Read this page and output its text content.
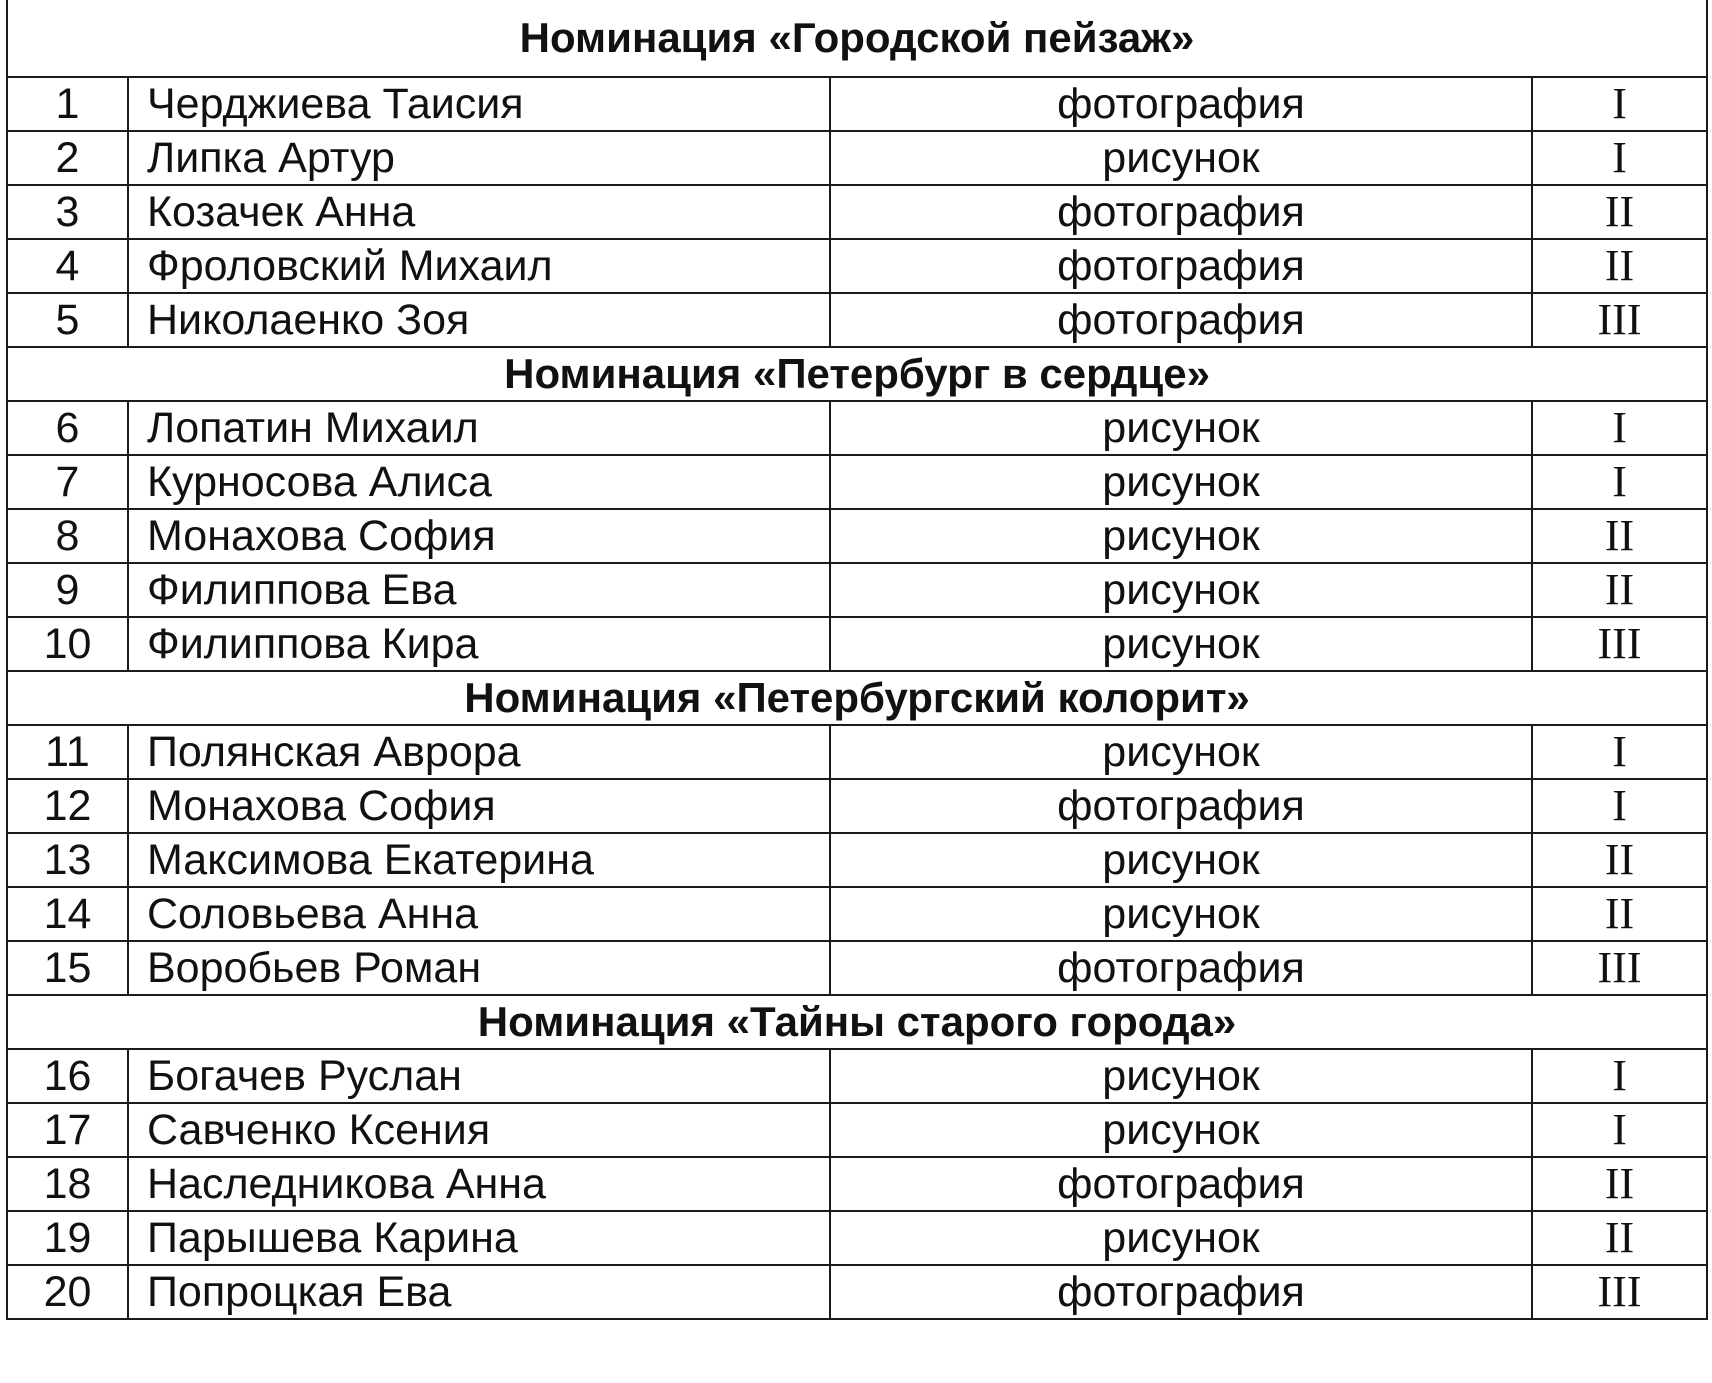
Номинация «Городской пейзаж»			
1	Черджиева Таисия	фотография	I
2	Липка Артур	рисунок	I
3	Козачек Анна	фотография	II
4	Фроловский Михаил	фотография	II
5	Николаенко Зоя	фотография	III
Номинация «Петербург в сердце»			
6	Лопатин Михаил	рисунок	I
7	Курносова Алиса	рисунок	I
8	Монахова София	рисунок	II
9	Филиппова Ева	рисунок	II
10	Филиппова Кира	рисунок	III
Номинация «Петербургский колорит»			
11	Полянская Аврора	рисунок	I
12	Монахова София	фотография	I
13	Максимова Екатерина	рисунок	II
14	Соловьева Анна	рисунок	II
15	Воробьев Роман	фотография	III
Номинация «Тайны старого города»			
16	Богачев Руслан	рисунок	I
17	Савченко Ксения	рисунок	I
18	Наследникова Анна	фотография	II
19	Парышева Карина	рисунок	II
20	Попроцкая Ева	фотография	III
